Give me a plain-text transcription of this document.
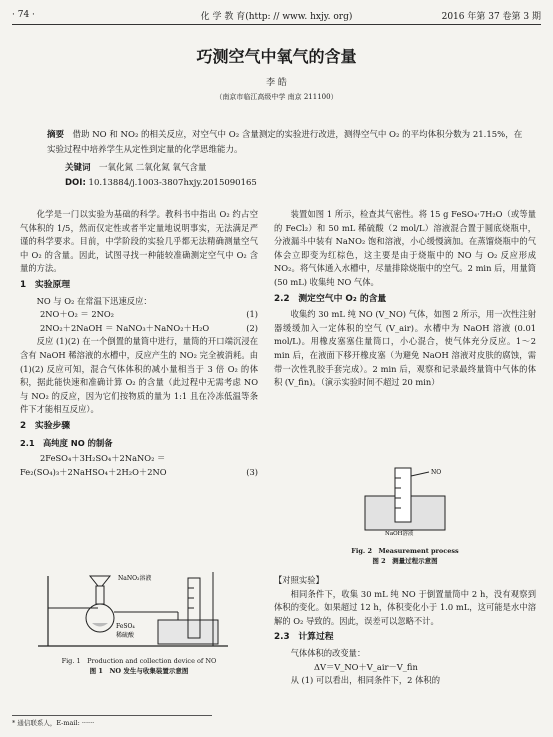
· 74 ·	化 学 教 育(http: // www. hxjy. org)	2016 年第 37 卷第 3 期
巧测空气中氧气的含量
李 皓
（南京市临江高级中学 南京 211100）
摘要　 借助 NO 和 NO₂ 的相关反应，对空气中 O₂ 含量测定的实验进行改进，测得空气中 O₂ 的平均体积分数为 21.15%，在实验过程中培养学生从定性到定量的化学思维能力。
关键词　 一氧化氮 二氧化氮 氧气含量
DOI: 10.13884/j.1003-3807hxjy.2015090165

化学是一门以实验为基础的科学。教科书中指出 O₂ 约占空气体积的 1/5，然而仅定性或者半定量地说明事实，无法满足严谨的科学要求。目前，中学阶段的实验几乎都无法精确测量空气中 O₂ 的含量。因此，试图寻找一种能较准确测定空气中 O₂ 含量的方法。

1　实验原理

NO 与 O₂ 在常温下迅速反应：

2NO＋O₂ ＝ 2NO₂	(1)
2NO₂＋2NaOH ＝ NaNO₃＋NaNO₂＋H₂O	(2)

反应 (1)(2) 在一个倒置的量筒中进行，量筒的开口端沉浸在含有 NaOH 稀溶液的水槽中，反应产生的 NO₂ 完全被消耗。由 (1)(2) 反应可知，混合气体体积的减小量相当于 3 倍 O₂ 的体积，据此能快速和准确计算 O₂ 的含量（此过程中无需考虑 NO 与 NO₂ 的反应，因为它们按物质的量为 1:1 且在冷冻低温等条件下才能相互反应）。

2　实验步骤

2.1　高纯度 NO 的制备

2FeSO₄＋3H₂SO₄＋2NaNO₂ ＝
Fe₂(SO₄)₃＋2NaHSO₄＋2H₂O＋2NO	(3)
NaNO₂溶液
FeSO₄
稀硫酸
Fig. 1　Production and collection device of NO
图 1　NO 发生与收集装置示意图

装置如图 1 所示，检查其气密性。将 15 g FeSO₄·7H₂O（或等量的 FeCl₂）和 50 mL 稀硫酸（2 mol/L）溶液混合置于圆底烧瓶中，分液漏斗中装有 NaNO₂ 饱和溶液，小心缓慢滴加。在蒸馏烧瓶中的气体会立即变为红棕色，这主要是由于烧瓶中的 NO 与 O₂ 反应形成 NO₂。将气体通入水槽中，尽量排除烧瓶中的空气。2 min 后，用量筒 (50 mL) 收集纯 NO 气体。

2.2　测定空气中 O₂ 的含量

收集约 30 mL 纯 NO (V_NO) 气体，如图 2 所示，用一次性注射器缓缓加入一定体积的空气 (V_air)。水槽中为 NaOH 溶液 (0.01 mol/L)。用橡皮塞塞住量筒口，小心混合，使气体充分反应。1～2 min 后，在液面下移开橡皮塞（为避免 NaOH 溶液对皮肤的腐蚀，需带一次性乳胶手套完成）。2 min 后，观察和记录最终量筒中气体的体积 (V_fin)。（演示实验时间不超过 20 min）

NO
NaOH溶液
Fig. 2　Measurement process
图 2　测量过程示意图

【对照实验】

相同条件下，收集 30 mL 纯 NO 于倒置量筒中 2 h，没有观察到体积的变化。如果超过 12 h，体积变化小于 1.0 mL，这可能是水中溶解的 O₂ 导致的。因此，误差可以忽略不计。

2.3　计算过程

气体体积的改变量：

ΔV＝V_NO＋V_air－V_fin

从 (1) 可以看出，相同条件下，2 体积的

* 通信联系人，E-mail: ······
